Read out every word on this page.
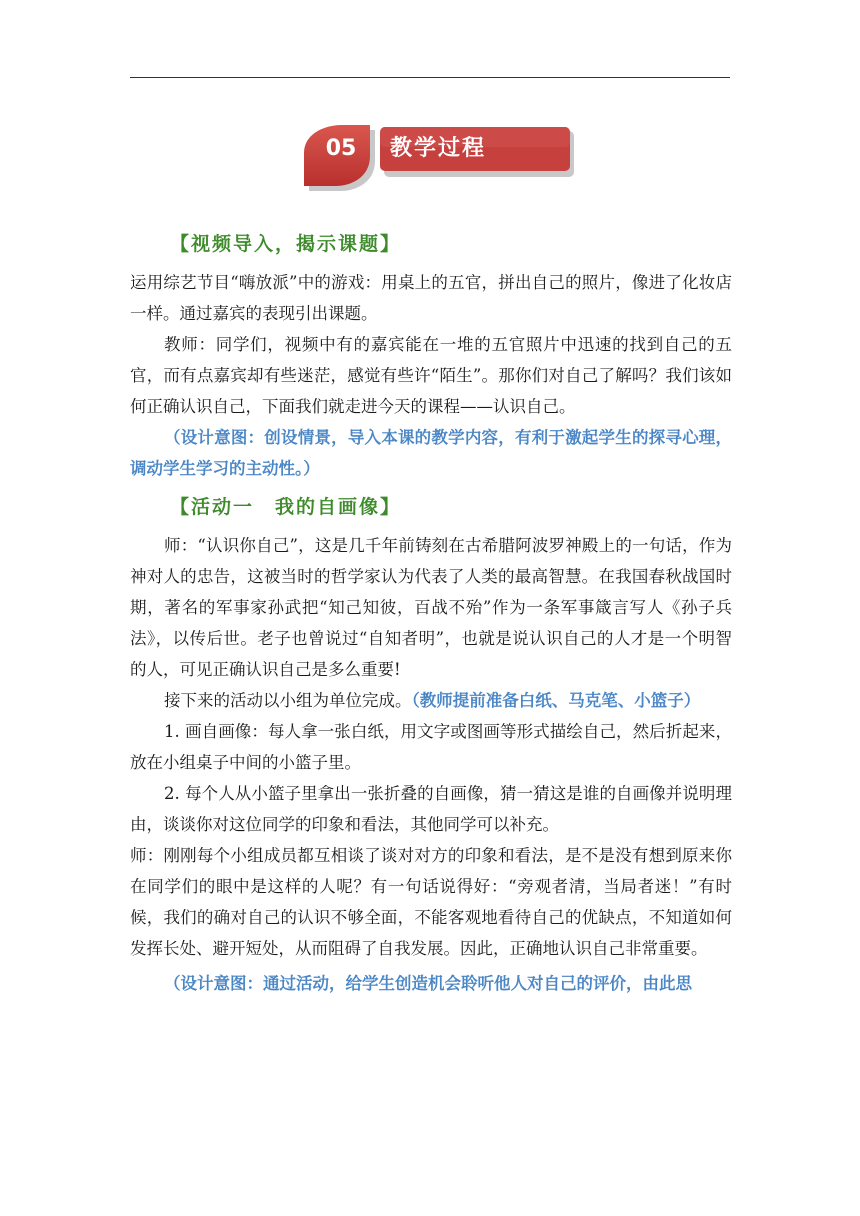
05	教学过程
【视频导入，揭示课题】

运用综艺节目“嗨放派”中的游戏：用桌上的五官，拼出自己的照片，像进了化妆店一样。通过嘉宾的表现引出课题。

教师：同学们，视频中有的嘉宾能在一堆的五官照片中迅速的找到自己的五官，而有点嘉宾却有些迷茫，感觉有些许“陌生”。那你们对自己了解吗？我们该如何正确认识自己，下面我们就走进今天的课程——认识自己。

（设计意图：创设情景，导入本课的教学内容，有利于激起学生的探寻心理，调动学生学习的主动性。）

【活动一　我的自画像】

师：“认识你自己”，这是几千年前铸刻在古希腊阿波罗神殿上的一句话，作为神对人的忠告，这被当时的哲学家认为代表了人类的最高智慧。在我国春秋战国时期，著名的军事家孙武把“知己知彼，百战不殆”作为一条军事箴言写人《孙子兵法》，以传后世。老子也曾说过“自知者明”，也就是说认识自己的人才是一个明智的人，可见正确认识自己是多么重要!

接下来的活动以小组为单位完成。（教师提前准备白纸、马克笔、小篮子）

1. 画自画像：每人拿一张白纸，用文字或图画等形式描绘自己，然后折起来，放在小组桌子中间的小篮子里。

2. 每个人从小篮子里拿出一张折叠的自画像，猜一猜这是谁的自画像并说明理由，谈谈你对这位同学的印象和看法，其他同学可以补充。

师：刚刚每个小组成员都互相谈了谈对对方的印象和看法，是不是没有想到原来你在同学们的眼中是这样的人呢？有一句话说得好：“旁观者清，当局者迷！”有时候，我们的确对自己的认识不够全面，不能客观地看待自己的优缺点，不知道如何发挥长处、避开短处，从而阻碍了自我发展。因此，正确地认识自己非常重要。

（设计意图：通过活动，给学生创造机会聆听他人对自己的评价，由此思
